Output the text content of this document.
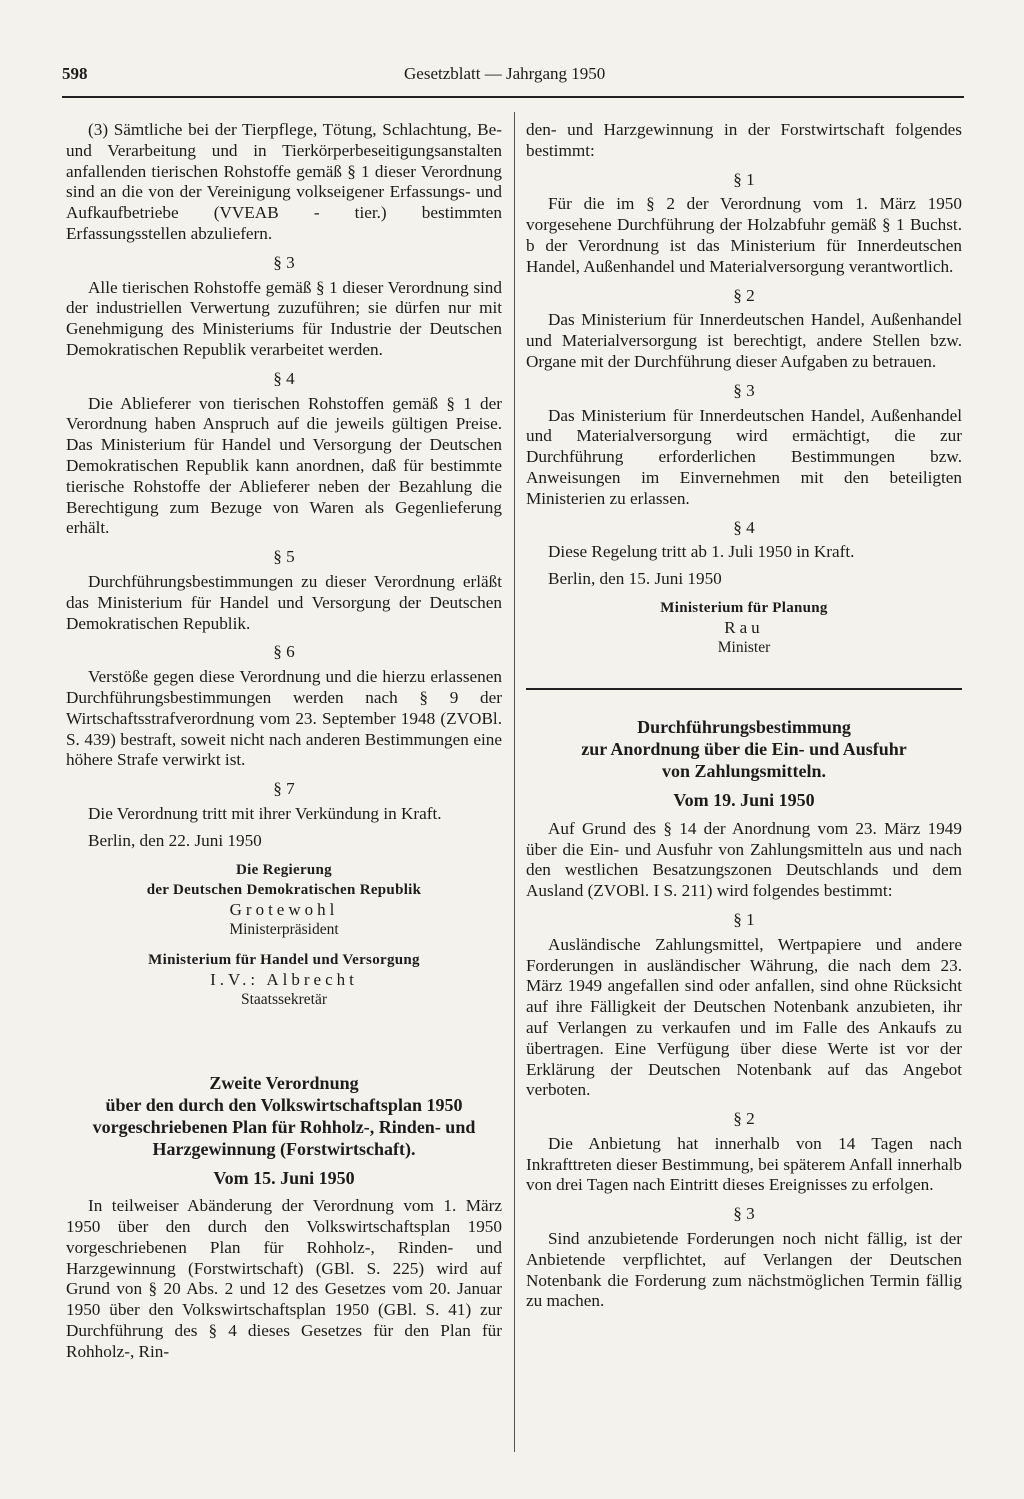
598	Gesetzblatt — Jahrgang 1950

(3) Sämtliche bei der Tierpflege, Tötung, Schlachtung, Be- und Verarbeitung und in Tierkörperbeseitigungsanstalten anfallenden tierischen Rohstoffe gemäß § 1 dieser Verordnung sind an die von der Vereinigung volkseigener Erfassungs- und Aufkaufbetriebe (VVEAB - tier.) bestimmten Erfassungsstellen abzuliefern.

§ 3

Alle tierischen Rohstoffe gemäß § 1 dieser Verordnung sind der industriellen Verwertung zuzuführen; sie dürfen nur mit Genehmigung des Ministeriums für Industrie der Deutschen Demokratischen Republik verarbeitet werden.

§ 4

Die Ablieferer von tierischen Rohstoffen gemäß § 1 der Verordnung haben Anspruch auf die jeweils gültigen Preise. Das Ministerium für Handel und Versorgung der Deutschen Demokratischen Republik kann anordnen, daß für bestimmte tierische Rohstoffe der Ablieferer neben der Bezahlung die Berechtigung zum Bezuge von Waren als Gegenlieferung erhält.

§ 5

Durchführungsbestimmungen zu dieser Verordnung erläßt das Ministerium für Handel und Versorgung der Deutschen Demokratischen Republik.

§ 6

Verstöße gegen diese Verordnung und die hierzu erlassenen Durchführungsbestimmungen werden nach § 9 der Wirtschaftsstrafverordnung vom 23. September 1948 (ZVOBl. S. 439) bestraft, soweit nicht nach anderen Bestimmungen eine höhere Strafe verwirkt ist.

§ 7

Die Verordnung tritt mit ihrer Verkündung in Kraft.

Berlin, den 22. Juni 1950
Die Regierung
der Deutschen Demokratischen Republik
Grotewohl
Ministerpräsident
Ministerium für Handel und Versorgung
I.V.: Albrecht
Staatssekretär
Zweite Verordnung
über den durch den Volkswirtschaftsplan 1950
vorgeschriebenen Plan für Rohholz-, Rinden- und
Harzgewinnung (Forstwirtschaft).
Vom 15. Juni 1950

In teilweiser Abänderung der Verordnung vom 1. März 1950 über den durch den Volkswirtschaftsplan 1950 vorgeschriebenen Plan für Rohholz-, Rinden- und Harzgewinnung (Forstwirtschaft) (GBl. S. 225) wird auf Grund von § 20 Abs. 2 und 12 des Gesetzes vom 20. Januar 1950 über den Volkswirtschaftsplan 1950 (GBl. S. 41) zur Durchführung des § 4 dieses Gesetzes für den Plan für Rohholz-, Rin-

den- und Harzgewinnung in der Forstwirtschaft folgendes bestimmt:

§ 1

Für die im § 2 der Verordnung vom 1. März 1950 vorgesehene Durchführung der Holzabfuhr gemäß § 1 Buchst. b der Verordnung ist das Ministerium für Innerdeutschen Handel, Außenhandel und Materialversorgung verantwortlich.

§ 2

Das Ministerium für Innerdeutschen Handel, Außenhandel und Materialversorgung ist berechtigt, andere Stellen bzw. Organe mit der Durchführung dieser Aufgaben zu betrauen.

§ 3

Das Ministerium für Innerdeutschen Handel, Außenhandel und Materialversorgung wird ermächtigt, die zur Durchführung erforderlichen Bestimmungen bzw. Anweisungen im Einvernehmen mit den beteiligten Ministerien zu erlassen.

§ 4

Diese Regelung tritt ab 1. Juli 1950 in Kraft.

Berlin, den 15. Juni 1950
Ministerium für Planung
Rau
Minister
Durchführungsbestimmung
zur Anordnung über die Ein- und Ausfuhr
von Zahlungsmitteln.
Vom 19. Juni 1950

Auf Grund des § 14 der Anordnung vom 23. März 1949 über die Ein- und Ausfuhr von Zahlungsmitteln aus und nach den westlichen Besatzungszonen Deutschlands und dem Ausland (ZVOBl. I S. 211) wird folgendes bestimmt:

§ 1

Ausländische Zahlungsmittel, Wertpapiere und andere Forderungen in ausländischer Währung, die nach dem 23. März 1949 angefallen sind oder anfallen, sind ohne Rücksicht auf ihre Fälligkeit der Deutschen Notenbank anzubieten, ihr auf Verlangen zu verkaufen und im Falle des Ankaufs zu übertragen. Eine Verfügung über diese Werte ist vor der Erklärung der Deutschen Notenbank auf das Angebot verboten.

§ 2

Die Anbietung hat innerhalb von 14 Tagen nach Inkrafttreten dieser Bestimmung, bei späterem Anfall innerhalb von drei Tagen nach Eintritt dieses Ereignisses zu erfolgen.

§ 3

Sind anzubietende Forderungen noch nicht fällig, ist der Anbietende verpflichtet, auf Verlangen der Deutschen Notenbank die Forderung zum nächstmöglichen Termin fällig zu machen.
